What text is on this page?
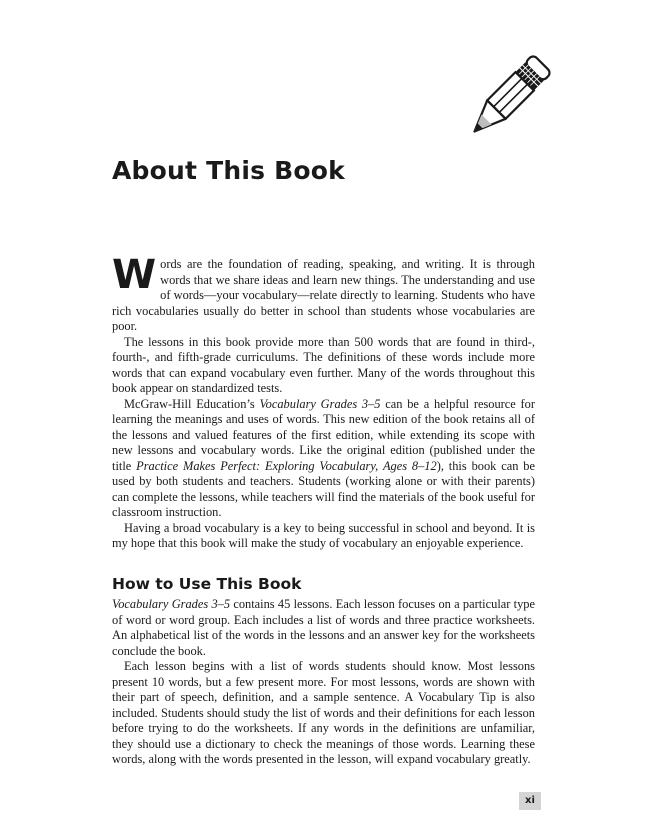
About This Book

Words are the foundation of reading, speaking, and writing. It is through words that we share ideas and learn new things. The understanding and use of words—your vocabulary—relate directly to learning. Students who have rich vocabularies usually do better in school than students whose vocabularies are poor.

The lessons in this book provide more than 500 words that are found in third-, fourth-, and fifth-grade curriculums. The definitions of these words include more words that can expand vocabulary even further. Many of the words throughout this book appear on standardized tests.

McGraw-Hill Education’s Vocabulary Grades 3–5 can be a helpful resource for learning the meanings and uses of words. This new edition of the book retains all of the lessons and valued features of the first edition, while extending its scope with new lessons and vocabulary words. Like the original edition (published under the title Practice Makes Perfect: Exploring Vocabulary, Ages 8–12), this book can be used by both students and teachers. Students (working alone or with their parents) can complete the lessons, while teachers will find the materials of the book useful for classroom instruction.

Having a broad vocabulary is a key to being successful in school and beyond. It is my hope that this book will make the study of vocabulary an enjoyable experience.

How to Use This Book

Vocabulary Grades 3–5 contains 45 lessons. Each lesson focuses on a particular type of word or word group. Each includes a list of words and three practice worksheets. An alphabetical list of the words in the lessons and an answer key for the worksheets conclude the book.

Each lesson begins with a list of words students should know. Most lessons present 10 words, but a few present more. For most lessons, words are shown with their part of speech, definition, and a sample sentence. A Vocabulary Tip is also included. Students should study the list of words and their definitions for each lesson before trying to do the worksheets. If any words in the definitions are unfamiliar, they should use a dictionary to check the meanings of those words. Learning these words, along with the words presented in the lesson, will expand vocabulary greatly.

xi
